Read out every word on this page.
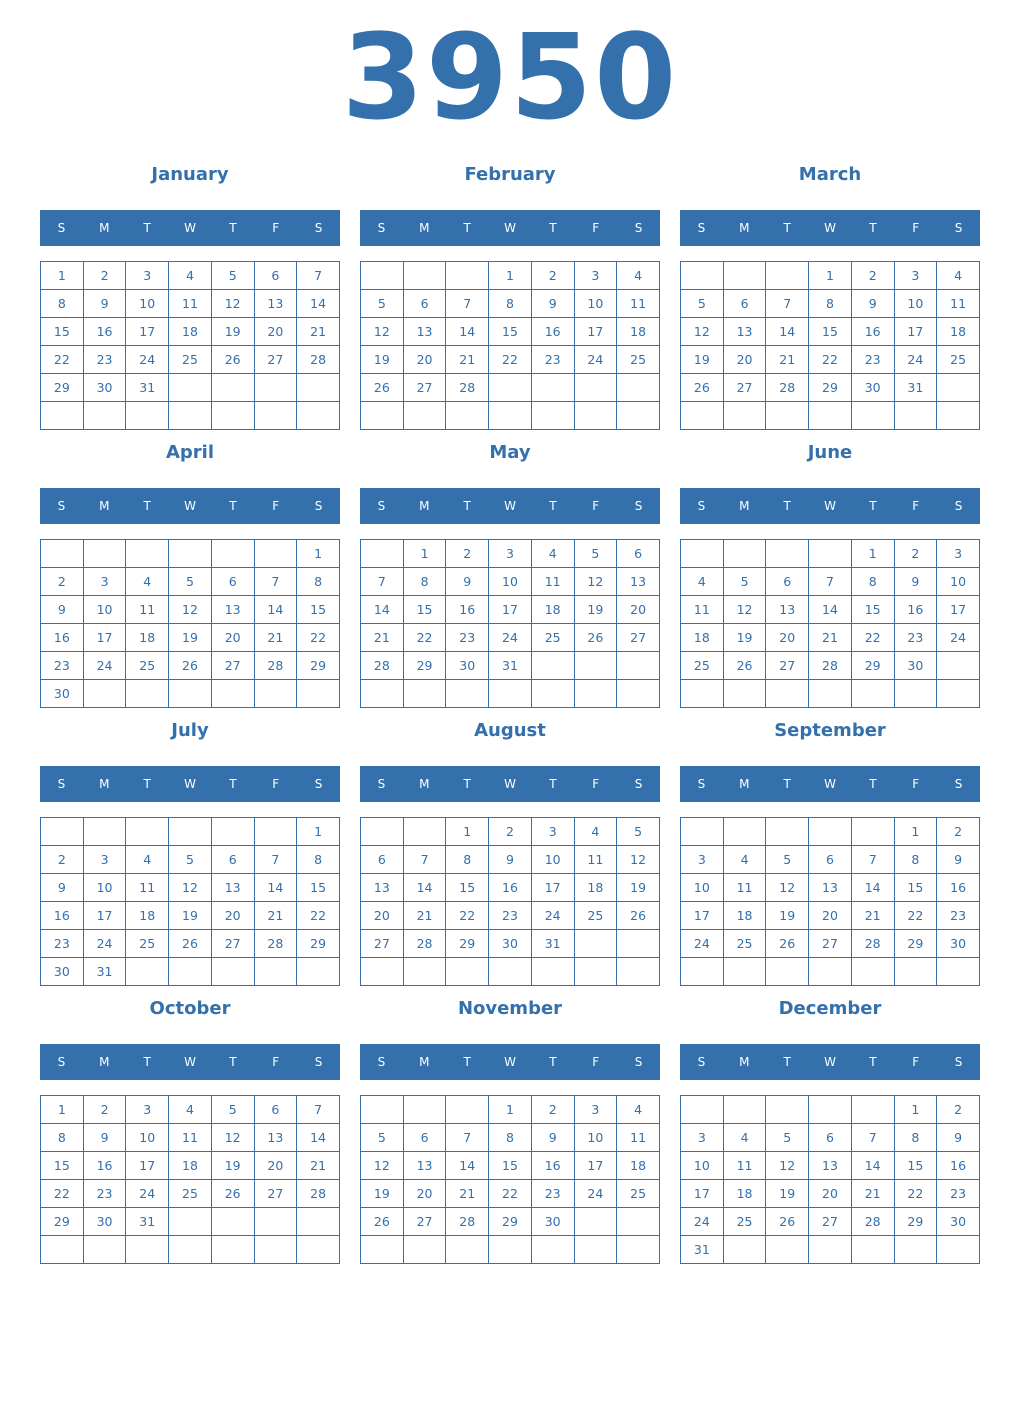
3950
January
S	M	T	W	T	F	S
1	2	3	4	5	6	7
8	9	10	11	12	13	14
15	16	17	18	19	20	21
22	23	24	25	26	27	28
29	30	31				

February
S	M	T	W	T	F	S
			1	2	3	4
5	6	7	8	9	10	11
12	13	14	15	16	17	18
19	20	21	22	23	24	25
26	27	28				

March
S	M	T	W	T	F	S
			1	2	3	4
5	6	7	8	9	10	11
12	13	14	15	16	17	18
19	20	21	22	23	24	25
26	27	28	29	30	31	

April
S	M	T	W	T	F	S
						1
2	3	4	5	6	7	8
9	10	11	12	13	14	15
16	17	18	19	20	21	22
23	24	25	26	27	28	29
30						
May
S	M	T	W	T	F	S
	1	2	3	4	5	6
7	8	9	10	11	12	13
14	15	16	17	18	19	20
21	22	23	24	25	26	27
28	29	30	31			

June
S	M	T	W	T	F	S
				1	2	3
4	5	6	7	8	9	10
11	12	13	14	15	16	17
18	19	20	21	22	23	24
25	26	27	28	29	30	

July
S	M	T	W	T	F	S
						1
2	3	4	5	6	7	8
9	10	11	12	13	14	15
16	17	18	19	20	21	22
23	24	25	26	27	28	29
30	31					
August
S	M	T	W	T	F	S
		1	2	3	4	5
6	7	8	9	10	11	12
13	14	15	16	17	18	19
20	21	22	23	24	25	26
27	28	29	30	31		

September
S	M	T	W	T	F	S
					1	2
3	4	5	6	7	8	9
10	11	12	13	14	15	16
17	18	19	20	21	22	23
24	25	26	27	28	29	30

October
S	M	T	W	T	F	S
1	2	3	4	5	6	7
8	9	10	11	12	13	14
15	16	17	18	19	20	21
22	23	24	25	26	27	28
29	30	31				

November
S	M	T	W	T	F	S
			1	2	3	4
5	6	7	8	9	10	11
12	13	14	15	16	17	18
19	20	21	22	23	24	25
26	27	28	29	30		

December
S	M	T	W	T	F	S
					1	2
3	4	5	6	7	8	9
10	11	12	13	14	15	16
17	18	19	20	21	22	23
24	25	26	27	28	29	30
31						
